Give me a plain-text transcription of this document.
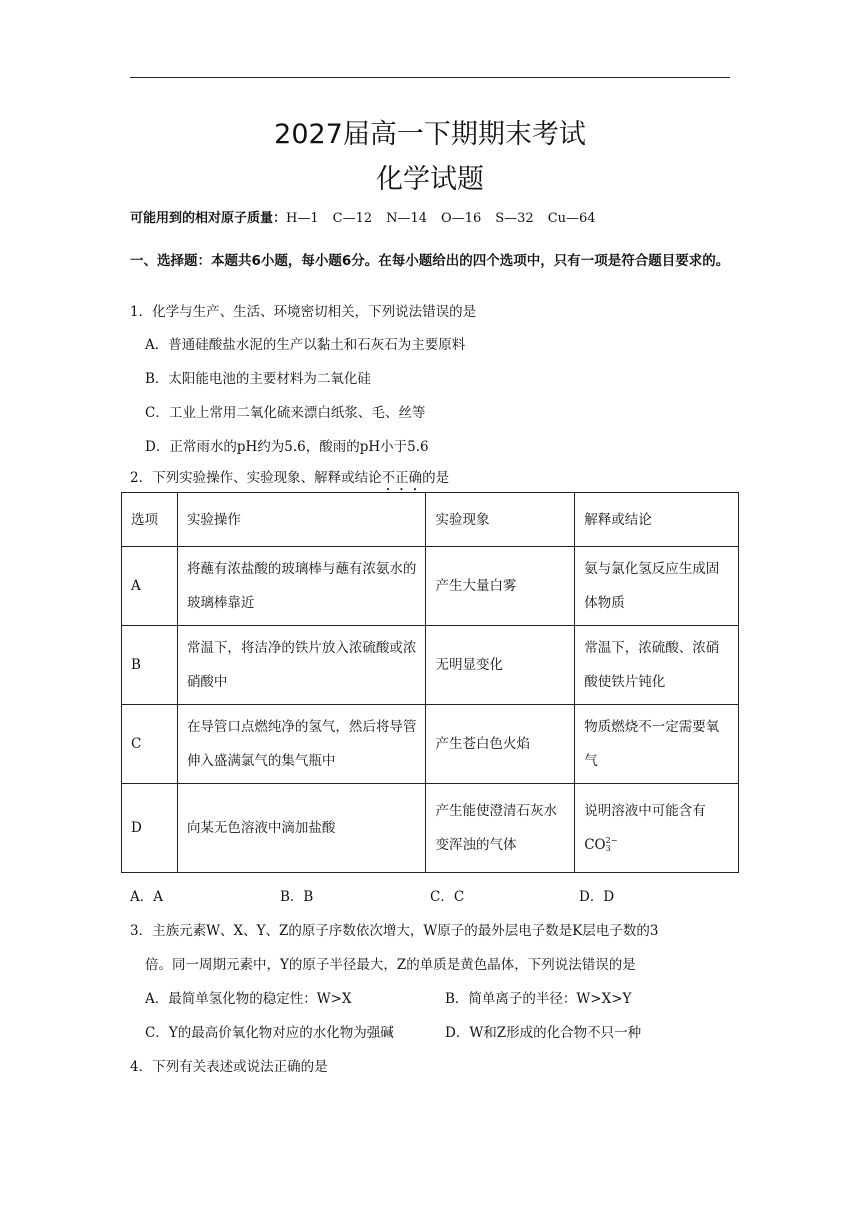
2027届高一下期期末考试
化学试题
可能用到的相对原子质量：H—1 C—12 N—14 O—16 S—32 Cu—64
一、选择题：本题共6小题，每小题6分。在每小题给出的四个选项中，只有一项是符合题目要求的。
1．化学与生产、生活、环境密切相关，下列说法错误的是
A．普通硅酸盐水泥的生产以黏土和石灰石为主要原料
B．太阳能电池的主要材料为二氧化硅
C．工业上常用二氧化硫来漂白纸浆、毛、丝等
D．正常雨水的pH约为5.6，酸雨的pH小于5.6
2．下列实验操作、实验现象、解释或结论不正确的是
选项	实验操作	实验现象	解释或结论
A	将蘸有浓盐酸的玻璃棒与蘸有浓氨水的玻璃棒靠近	产生大量白雾	氨与氯化氢反应生成固体物质
B	常温下，将洁净的铁片放入浓硫酸或浓硝酸中	无明显变化	常温下，浓硫酸、浓硝酸使铁片钝化
C	在导管口点燃纯净的氢气，然后将导管伸入盛满氯气的集气瓶中	产生苍白色火焰	物质燃烧不一定需要氧气
D	向某无色溶液中滴加盐酸	产生能使澄清石灰水变浑浊的气体	说明溶液中可能含有
CO2−
3
A．A	B．B	C．C	D．D
3．主族元素W、X、Y、Z的原子序数依次增大，W原子的最外层电子数是K层电子数的3
倍。同一周期元素中，Y的原子半径最大，Z的单质是黄色晶体，下列说法错误的是
A．最简单氢化物的稳定性：W>X	B．简单离子的半径：W>X>Y
C．Y的最高价氧化物对应的水化物为强碱	D．W和Z形成的化合物不只一种
4．下列有关表述或说法正确的是
